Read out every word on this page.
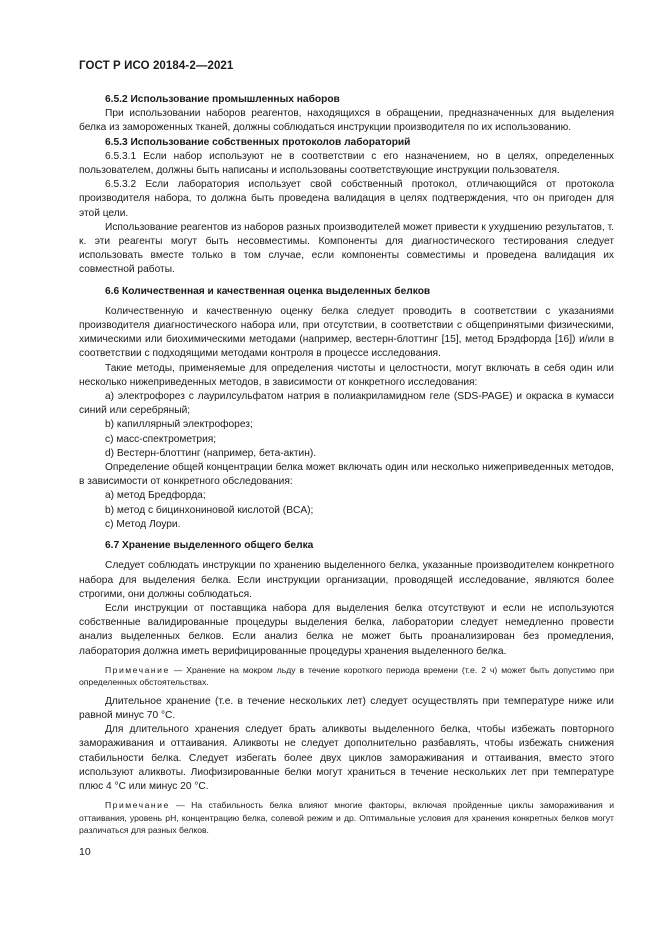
ГОСТ Р ИСО 20184-2—2021
6.5.2 Использование промышленных наборов

При использовании наборов реагентов, находящихся в обращении, предназначенных для выделения белка из замороженных тканей, должны соблюдаться инструкции производителя по их использованию.

6.5.3 Использование собственных протоколов лабораторий

6.5.3.1 Если набор используют не в соответствии с его назначением, но в целях, определенных пользователем, должны быть написаны и использованы соответствующие инструкции пользователя.

6.5.3.2 Если лаборатория использует свой собственный протокол, отличающийся от протокола производителя набора, то должна быть проведена валидация в целях подтверждения, что он пригоден для этой цели.

Использование реагентов из наборов разных производителей может привести к ухудшению результатов, т. к. эти реагенты могут быть несовместимы. Компоненты для диагностического тестирования следует использовать вместе только в том случае, если компоненты совместимы и проведена валидация их совместной работы.

6.6 Количественная и качественная оценка выделенных белков

Количественную и качественную оценку белка следует проводить в соответствии с указаниями производителя диагностического набора или, при отсутствии, в соответствии с общепринятыми физическими, химическими или биохимическими методами (например, вестерн-блоттинг [15], метод Брэдфорда [16]) и/или в соответствии с подходящими методами контроля в процессе исследования.

Такие методы, применяемые для определения чистоты и целостности, могут включать в себя один или несколько нижеприведенных методов, в зависимости от конкретного исследования:

a) электрофорез с лаурилсульфатом натрия в полиакриламидном геле (SDS-PAGE) и окраска в кумасси синий или серебряный;

b) капиллярный электрофорез;

c) масс-спектрометрия;

d) Вестерн-блоттинг (например, бета-актин).

Определение общей концентрации белка может включать один или несколько нижеприведенных методов, в зависимости от конкретного обследования:

a) метод Бредфорда;

b) метод с бицинхониновой кислотой (BCA);

c) Метод Лоури.

6.7 Хранение выделенного общего белка

Следует соблюдать инструкции по хранению выделенного белка, указанные производителем конкретного набора для выделения белка. Если инструкции организации, проводящей исследование, являются более строгими, они должны соблюдаться.

Если инструкции от поставщика набора для выделения белка отсутствуют и если не используются собственные валидированные процедуры выделения белка, лаборатории следует немедленно провести анализ выделенных белков. Если анализ белка не может быть проанализирован без промедления, лаборатория должна иметь верифицированные процедуры хранения выделенного белка.

Примечание — Хранение на мокром льду в течение короткого периода времени (т.е. 2 ч) может быть допустимо при определенных обстоятельствах.

Длительное хранение (т.е. в течение нескольких лет) следует осуществлять при температуре ниже или равной минус 70 °С.

Для длительного хранения следует брать аликвоты выделенного белка, чтобы избежать повторного замораживания и оттаивания. Аликвоты не следует дополнительно разбавлять, чтобы избежать снижения стабильности белка. Следует избегать более двух циклов замораживания и оттаивания, вместо этого используют аликвоты. Лиофизированные белки могут храниться в течение нескольких лет при температуре плюс 4 °С или минус 20 °С.

Примечание — На стабильность белка влияют многие факторы, включая пройденные циклы замораживания и оттаивания, уровень pH, концентрацию белка, солевой режим и др. Оптимальные условия для хранения конкретных белков могут различаться для разных белков.

10
